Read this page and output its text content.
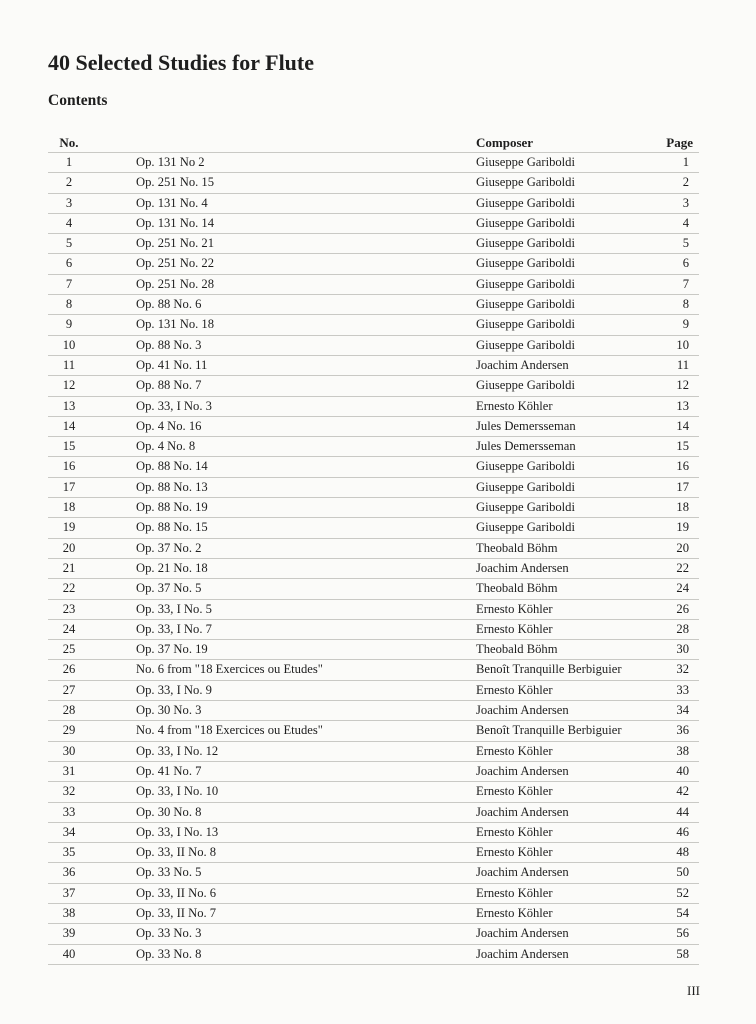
40 Selected Studies for Flute
Contents
No.		Composer	Page
1	Op. 131 No 2	Giuseppe Gariboldi	1
2	Op. 251 No. 15	Giuseppe Gariboldi	2
3	Op. 131 No. 4	Giuseppe Gariboldi	3
4	Op. 131 No. 14	Giuseppe Gariboldi	4
5	Op. 251 No. 21	Giuseppe Gariboldi	5
6	Op. 251 No. 22	Giuseppe Gariboldi	6
7	Op. 251 No. 28	Giuseppe Gariboldi	7
8	Op. 88 No. 6	Giuseppe Gariboldi	8
9	Op. 131 No. 18	Giuseppe Gariboldi	9
10	Op. 88 No. 3	Giuseppe Gariboldi	10
11	Op. 41 No. 11	Joachim Andersen	11
12	Op. 88 No. 7	Giuseppe Gariboldi	12
13	Op. 33, I No. 3	Ernesto Köhler	13
14	Op. 4 No. 16	Jules Demersseman	14
15	Op. 4 No. 8	Jules Demersseman	15
16	Op. 88 No. 14	Giuseppe Gariboldi	16
17	Op. 88 No. 13	Giuseppe Gariboldi	17
18	Op. 88 No. 19	Giuseppe Gariboldi	18
19	Op. 88 No. 15	Giuseppe Gariboldi	19
20	Op. 37 No. 2	Theobald Böhm	20
21	Op. 21 No. 18	Joachim Andersen	22
22	Op. 37 No. 5	Theobald Böhm	24
23	Op. 33, I No. 5	Ernesto Köhler	26
24	Op. 33, I No. 7	Ernesto Köhler	28
25	Op. 37 No. 19	Theobald Böhm	30
26	No. 6 from "18 Exercices ou Etudes"	Benoît Tranquille Berbiguier	32
27	Op. 33, I No. 9	Ernesto Köhler	33
28	Op. 30 No. 3	Joachim Andersen	34
29	No. 4 from "18 Exercices ou Etudes"	Benoît Tranquille Berbiguier	36
30	Op. 33, I No. 12	Ernesto Köhler	38
31	Op. 41 No. 7	Joachim Andersen	40
32	Op. 33, I No. 10	Ernesto Köhler	42
33	Op. 30 No. 8	Joachim Andersen	44
34	Op. 33, I No. 13	Ernesto Köhler	46
35	Op. 33, II No. 8	Ernesto Köhler	48
36	Op. 33 No. 5	Joachim Andersen	50
37	Op. 33, II No. 6	Ernesto Köhler	52
38	Op. 33, II No. 7	Ernesto Köhler	54
39	Op. 33 No. 3	Joachim Andersen	56
40	Op. 33 No. 8	Joachim Andersen	58
III
